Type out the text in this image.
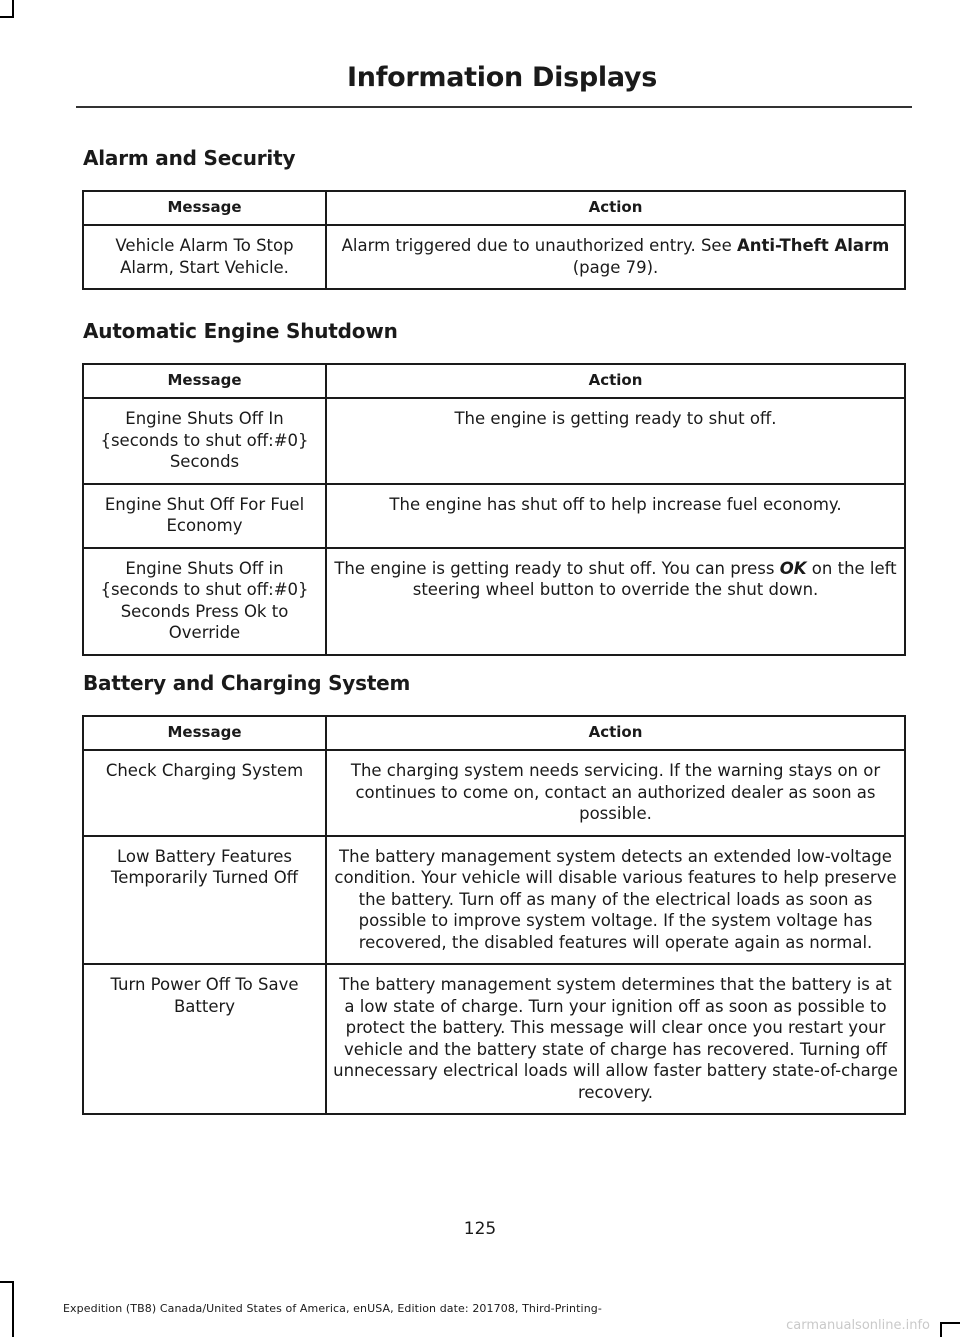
Information Displays
Alarm and Security
Message	Action
Vehicle Alarm To Stop Alarm, Start Vehicle.	Alarm triggered due to unauthorized entry. See Anti-Theft Alarm (page 79).
Automatic Engine Shutdown
Message	Action
Engine Shuts Off In {seconds to shut off:#0} Seconds	The engine is getting ready to shut off.
Engine Shut Off For Fuel Economy	The engine has shut off to help increase fuel economy.
Engine Shuts Off in {seconds to shut off:#0} Seconds Press Ok to Override	The engine is getting ready to shut off. You can press OK on the left steering wheel button to override the shut down.
Battery and Charging System
Message	Action
Check Charging System	The charging system needs servicing. If the warning stays on or continues to come on, contact an authorized dealer as soon as possible.
Low Battery Features Temporarily Turned Off	The battery management system detects an extended low-voltage condition. Your vehicle will disable various features to help preserve the battery. Turn off as many of the electrical loads as soon as possible to improve system voltage. If the system voltage has recovered, the disabled features will operate again as normal.
Turn Power Off To Save Battery	The battery management system determines that the battery is at a low state of charge. Turn your ignition off as soon as possible to protect the battery. This message will clear once you restart your vehicle and the battery state of charge has recovered. Turning off unnecessary electrical loads will allow faster battery state-of-charge recovery.
125
Expedition (TB8) Canada/United States of America, enUSA, Edition date: 201708, Third-Printing-
carmanualsonline.info
